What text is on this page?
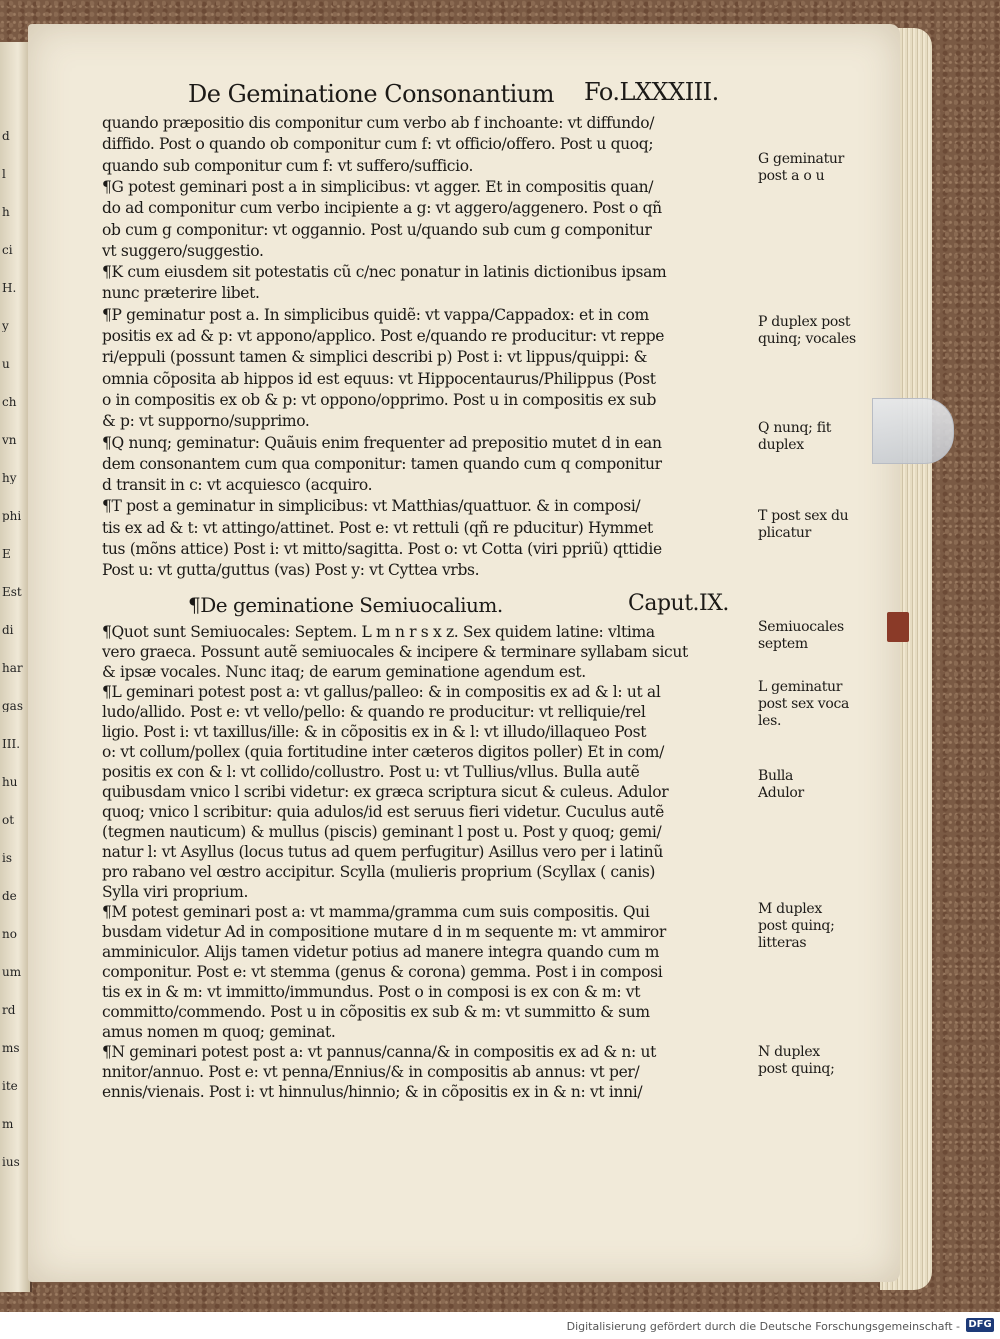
De Geminatione Consonantium Fo.LXXXIII.
quando præpositio dis componitur cum verbo ab f inchoante: vt diffundo/
diffido. Post o quando ob componitur cum f: vt officio/offero. Post u quoq;
quando sub componitur cum f: vt suffero/sufficio.
¶G potest geminari post a in simplicibus: vt agger. Et in compositis quan/
do ad componitur cum verbo incipiente a g: vt aggero/aggenero. Post o qñ
ob cum g componitur: vt oggannio. Post u/quando sub cum g componitur
vt suggero/suggestio.
¶K cum eiusdem sit potestatis cũ c/nec ponatur in latinis dictionibus ipsam
nunc præterire libet.
¶P geminatur post a. In simplicibus quidẽ: vt vappa/Cappadox: et in com
positis ex ad & p: vt appono/applico. Post e/quando re producitur: vt reppe
ri/eppuli (possunt tamen & simplici describi p) Post i: vt lippus/quippi: &
omnia cõposita ab hippos id est equus: vt Hippocentaurus/Philippus (Post
o in compositis ex ob & p: vt oppono/opprimo. Post u in compositis ex sub
& p: vt supporno/supprimo.
¶Q nunq; geminatur: Quãuis enim frequenter ad prepositio mutet d in ean
dem consonantem cum qua componitur: tamen quando cum q componitur
d transit in c: vt acquiesco (acquiro.
¶T post a geminatur in simplicibus: vt Matthias/quattuor. & in composi/
tis ex ad & t: vt attingo/attinet. Post e: vt rettuli (qñ re pducitur) Hymmet
tus (mõns attice) Post i: vt mitto/sagitta. Post o: vt Cotta (viri ppriũ) qttidie
Post u: vt gutta/guttus (vas) Post y: vt Cyttea vrbs.
¶De geminatione Semiuocalium.	Caput.IX.
¶Quot sunt Semiuocales: Septem. L m n r s x z. Sex quidem latine: vltima
vero graeca. Possunt autẽ semiuocales & incipere & terminare syllabam sicut
& ipsæ vocales. Nunc itaq; de earum geminatione agendum est.
¶L geminari potest post a: vt gallus/palleo: & in compositis ex ad & l: ut al
ludo/allido. Post e: vt vello/pello: & quando re producitur: vt relliquie/rel
ligio. Post i: vt taxillus/ille: & in cõpositis ex in & l: vt illudo/illaqueo Post
o: vt collum/pollex (quia fortitudine inter cæteros digitos poller) Et in com/
positis ex con & l: vt collido/collustro. Post u: vt Tullius/vllus. Bulla autẽ
quibusdam vnico l scribi videtur: ex græca scriptura sicut & culeus. Adulor
quoq; vnico l scribitur: quia adulos/id est seruus fieri videtur. Cuculus autẽ
(tegmen nauticum) & mullus (piscis) geminant l post u. Post y quoq; gemi/
natur l: vt Asyllus (locus tutus ad quem perfugitur) Asillus vero per i latinũ
pro rabano vel œstro accipitur. Scylla (mulieris proprium (Scyllax ( canis)
Sylla viri proprium.
¶M potest geminari post a: vt mamma/gramma cum suis compositis. Qui
busdam videtur Ad in compositione mutare d in m sequente m: vt ammiror
amminiculor. Alijs tamen videtur potius ad manere integra quando cum m
componitur. Post e: vt stemma (genus & corona) gemma. Post i in composi
tis ex in & m: vt immitto/immundus. Post o in composi is ex con & m: vt
committo/commendo. Post u in cõpositis ex sub & m: vt summitto & sum
amus nomen m quoq; geminat.
¶N geminari potest post a: vt pannus/canna/& in compositis ex ad & n: ut
nnitor/annuo. Post e: vt penna/Ennius/& in compositis ab annus: vt per/
ennis/vienais. Post i: vt hinnulus/hinnio; & in cõpositis ex in & n: vt inni/
G geminatur
post a o u
P duplex post
quinq; vocales
Q nunq; fit
duplex
T post sex du
plicatur
Semiuocales
septem
L geminatur
post sex voca
les.
Bulla
Adulor
M duplex
post quinq;
litteras
N duplex
post quinq;
d
l
h
ci
H.
y
u
ch
vn
hy
phi
E
Est
di
har
gas
III.
hu
ot
is
de
no
um
rd
ms
ite
m
ius
Digitalisierung gefördert durch die Deutsche Forschungsgemeinschaft - DFG
